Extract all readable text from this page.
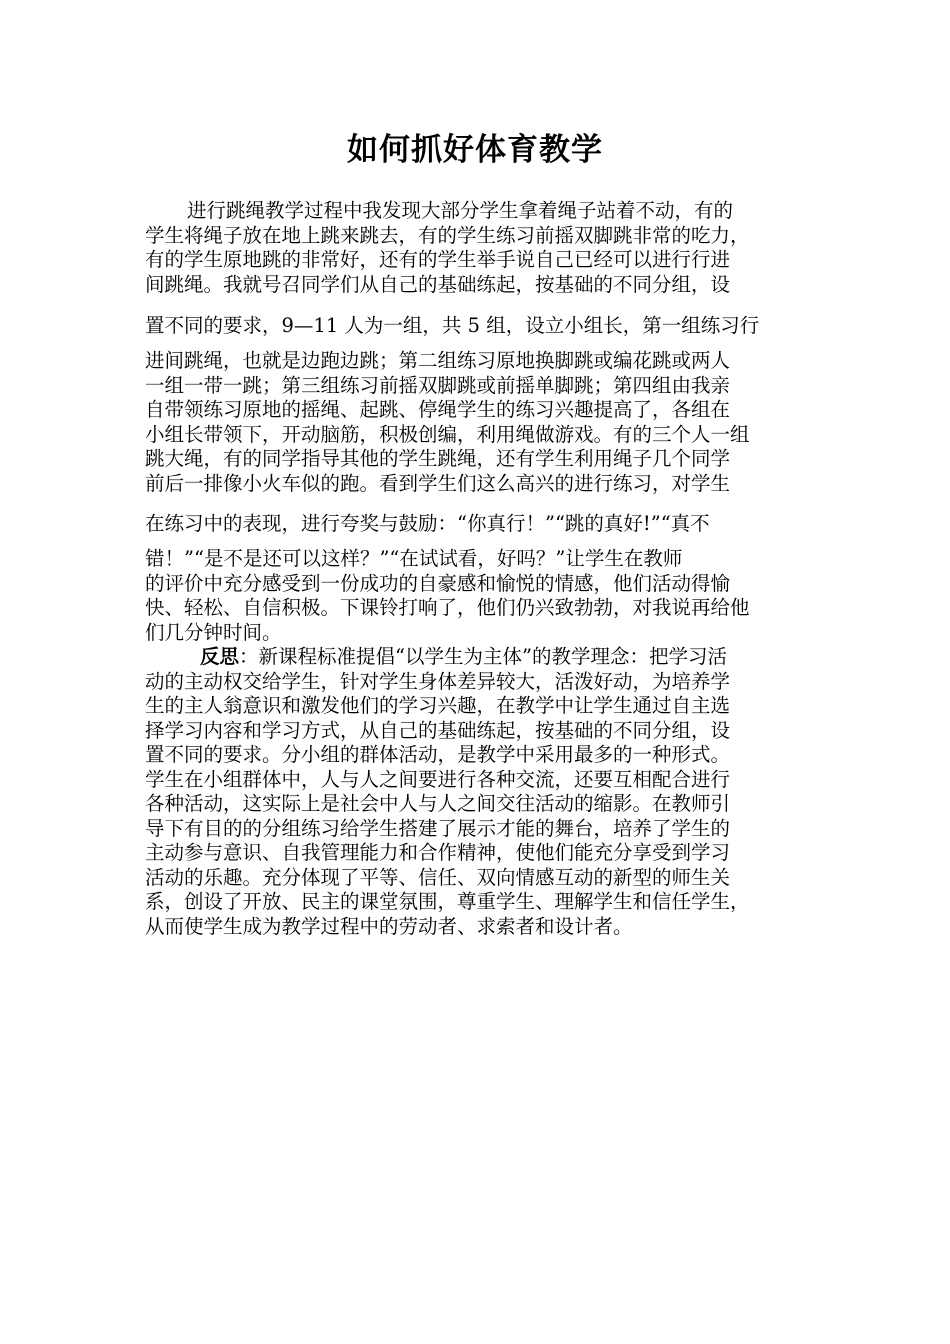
如何抓好体育教学
进行跳绳教学过程中我发现大部分学生拿着绳子站着不动，有的
学生将绳子放在地上跳来跳去，有的学生练习前摇双脚跳非常的吃力，
有的学生原地跳的非常好，还有的学生举手说自己已经可以进行行进
间跳绳。我就号召同学们从自己的基础练起，按基础的不同分组，设
置不同的要求，9—11 人为一组，共 5 组，设立小组长，第一组练习行
进间跳绳，也就是边跑边跳；第二组练习原地换脚跳或编花跳或两人
一组一带一跳；第三组练习前摇双脚跳或前摇单脚跳；第四组由我亲
自带领练习原地的摇绳、起跳、停绳学生的练习兴趣提高了，各组在
小组长带领下，开动脑筋，积极创编，利用绳做游戏。有的三个人一组
跳大绳，有的同学指导其他的学生跳绳，还有学生利用绳子几个同学
前后一排像小火车似的跑。看到学生们这么高兴的进行练习，对学生
在练习中的表现，进行夸奖与鼓励：“你真行！”“跳的真好!”“真不
错！”“是不是还可以这样？”“在试试看，好吗？”让学生在教师
的评价中充分感受到一份成功的自豪感和愉悦的情感，他们活动得愉
快、轻松、自信积极。下课铃打响了，他们仍兴致勃勃，对我说再给他
们几分钟时间。
反思：新课程标准提倡“以学生为主体”的教学理念：把学习活
动的主动权交给学生，针对学生身体差异较大，活泼好动，为培养学
生的主人翁意识和激发他们的学习兴趣，在教学中让学生通过自主选
择学习内容和学习方式，从自己的基础练起，按基础的不同分组，设
置不同的要求。分小组的群体活动，是教学中采用最多的一种形式。
学生在小组群体中，人与人之间要进行各种交流，还要互相配合进行
各种活动，这实际上是社会中人与人之间交往活动的缩影。在教师引
导下有目的的分组练习给学生搭建了展示才能的舞台，培养了学生的
主动参与意识、自我管理能力和合作精神，使他们能充分享受到学习
活动的乐趣。充分体现了平等、信任、双向情感互动的新型的师生关
系，创设了开放、民主的课堂氛围，尊重学生、理解学生和信任学生，
从而使学生成为教学过程中的劳动者、求索者和设计者。
